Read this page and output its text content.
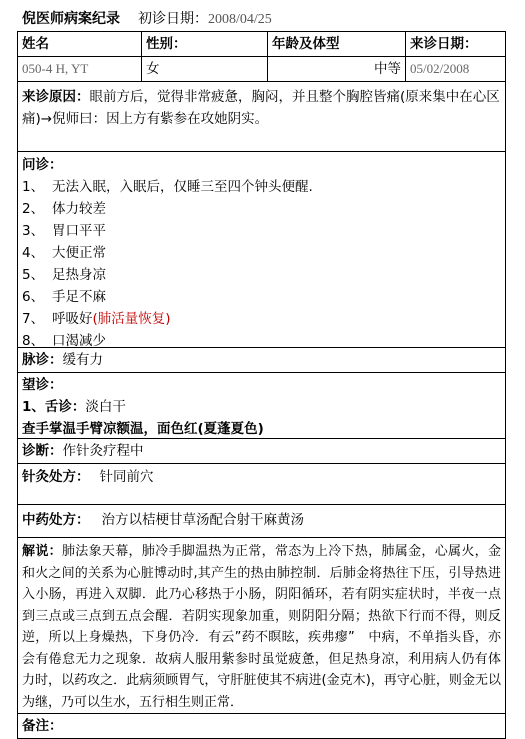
倪医师病案纪录 初诊日期：2008/04/25
姓名	性别：	年龄及体型	来诊日期：
050-4 H, YT	女	中等 05/02/2008
来诊原因：眼前方后，觉得非常疲惫，胸闷，并且整个胸腔皆痛(原来集中在心区痛)→倪师曰：因上方有紫参在攻她阴实。
问诊：
1、 无法入眠，入眠后，仅睡三至四个钟头便醒.
2、 体力较差
3、 胃口平平
4、 大便正常
5、 足热身凉
6、 手足不麻
7、 呼吸好 (肺活量恢复)
8、 口渴减少
脉诊：缓有力
望诊：
1、舌诊：淡白干
查手掌温手臂凉额温，面色红(夏蓬夏色)
诊断：作针灸疗程中
针灸处方： 针同前穴
中药处方： 治方以桔梗甘草汤配合射干麻黄汤
解说：肺法象天幕，肺冷手脚温热为正常，常态为上冷下热，肺属金，心属火，金和火之间的关系为心脏博动时,其产生的热由肺控制．后肺金将热往下压，引导热进入小肠，再进入双脚．此乃心移热于小肠，阴阳循环，若有阴实症状时，半夜一点到三点或三点到五点会醒．若阴实现象加重，则阴阳分隔；热欲下行而不得，则反逆，所以上身燥热，下身仍冷．有云”药不瞑眩，疾弗瘳”　中病，不单指头昏，亦会有倦怠无力之现象．故病人服用紫参时虽觉疲惫，但足热身凉，利用病人仍有体力时，以药攻之．此病须顾胃气，守肝脏使其不病进(金克木)，再守心脏，则金无以为继，乃可以生水，五行相生则正常．
备注：
